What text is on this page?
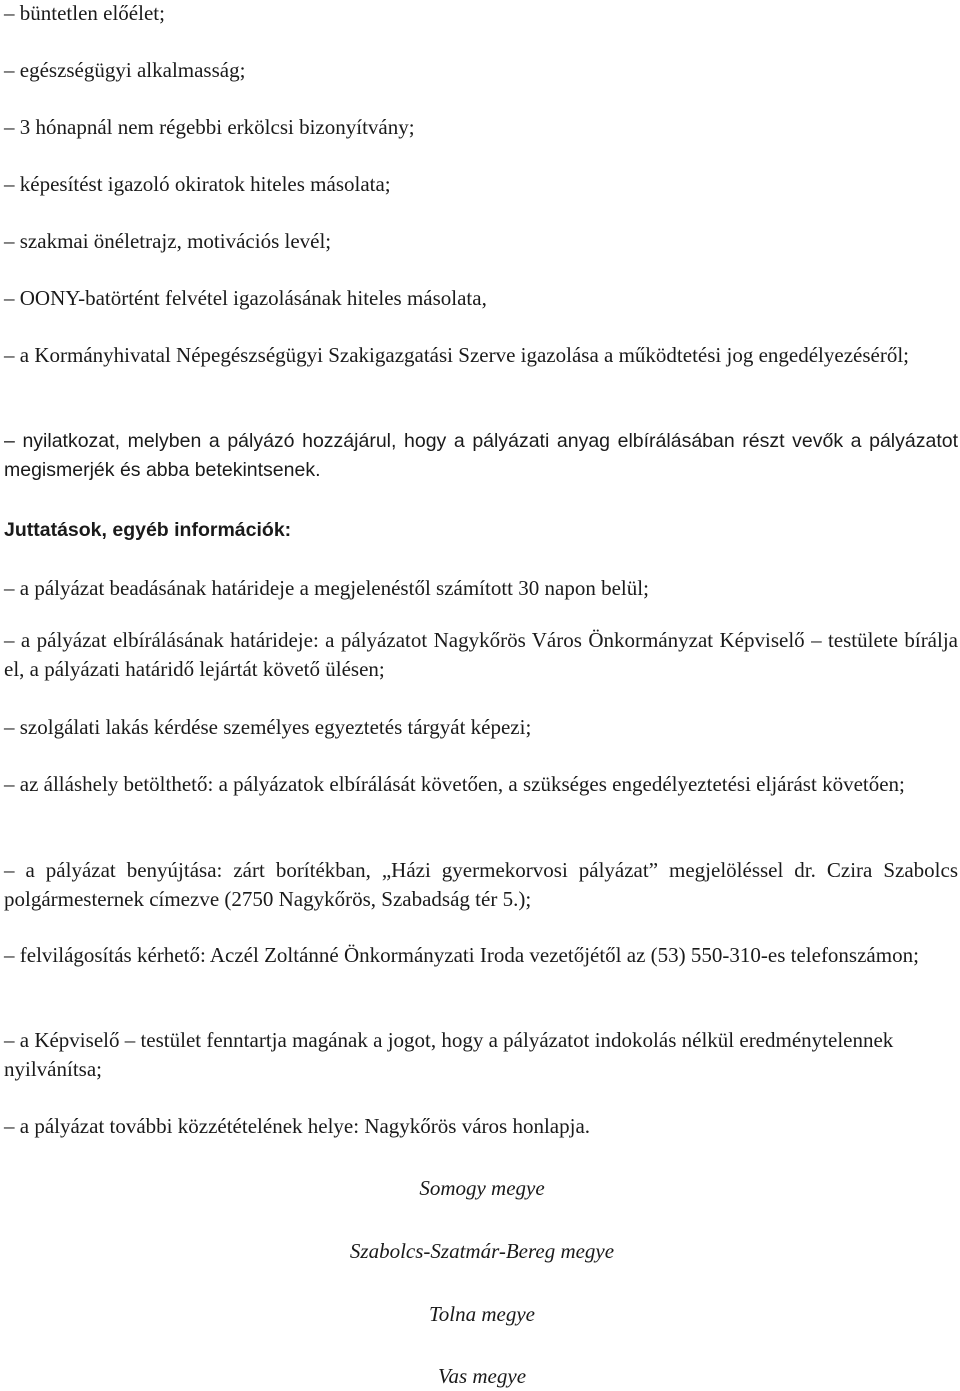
– büntetlen előélet;

– egészségügyi alkalmasság;

– 3 hónapnál nem régebbi erkölcsi bizonyítvány;

– képesítést igazoló okiratok hiteles másolata;

– szakmai önéletrajz, motivációs levél;

– OONY-batörtént felvétel igazolásának hiteles másolata,

– a Kormányhivatal Népegészségügyi Szakigazgatási Szerve igazolása a működtetési jog engedélyezéséről;

– nyilatkozat, melyben a pályázó hozzájárul, hogy a pályázati anyag elbírálásában részt vevők a pályázatot megismerjék és abba betekintsenek.

Juttatások, egyéb információk:

– a pályázat beadásának határideje a megjelenéstől számított 30 napon belül;

– a pályázat elbírálásának határideje: a pályázatot Nagykőrös Város Önkormányzat Képviselő – testülete bírálja el, a pályázati határidő lejártát követő ülésen;

– szolgálati lakás kérdése személyes egyeztetés tárgyát képezi;

– az álláshely betölthető: a pályázatok elbírálását követően, a szükséges engedélyeztetési eljárást követően;

– a pályázat benyújtása: zárt borítékban, „Házi gyermekorvosi pályázat” megjelöléssel dr. Czira Szabolcs polgármesternek címezve (2750 Nagykőrös, Szabadság tér 5.);

– felvilágosítás kérhető: Aczél Zoltánné Önkormányzati Iroda vezetőjétől az (53) 550-310-es telefonszámon;

– a Képviselő – testület fenntartja magának a jogot, hogy a pályázatot indokolás nélkül eredménytelennek nyilvánítsa;

– a pályázat további közzétételének helye: Nagykőrös város honlapja.

Somogy megye

Szabolcs-Szatmár-Bereg megye

Tolna megye

Vas megye
